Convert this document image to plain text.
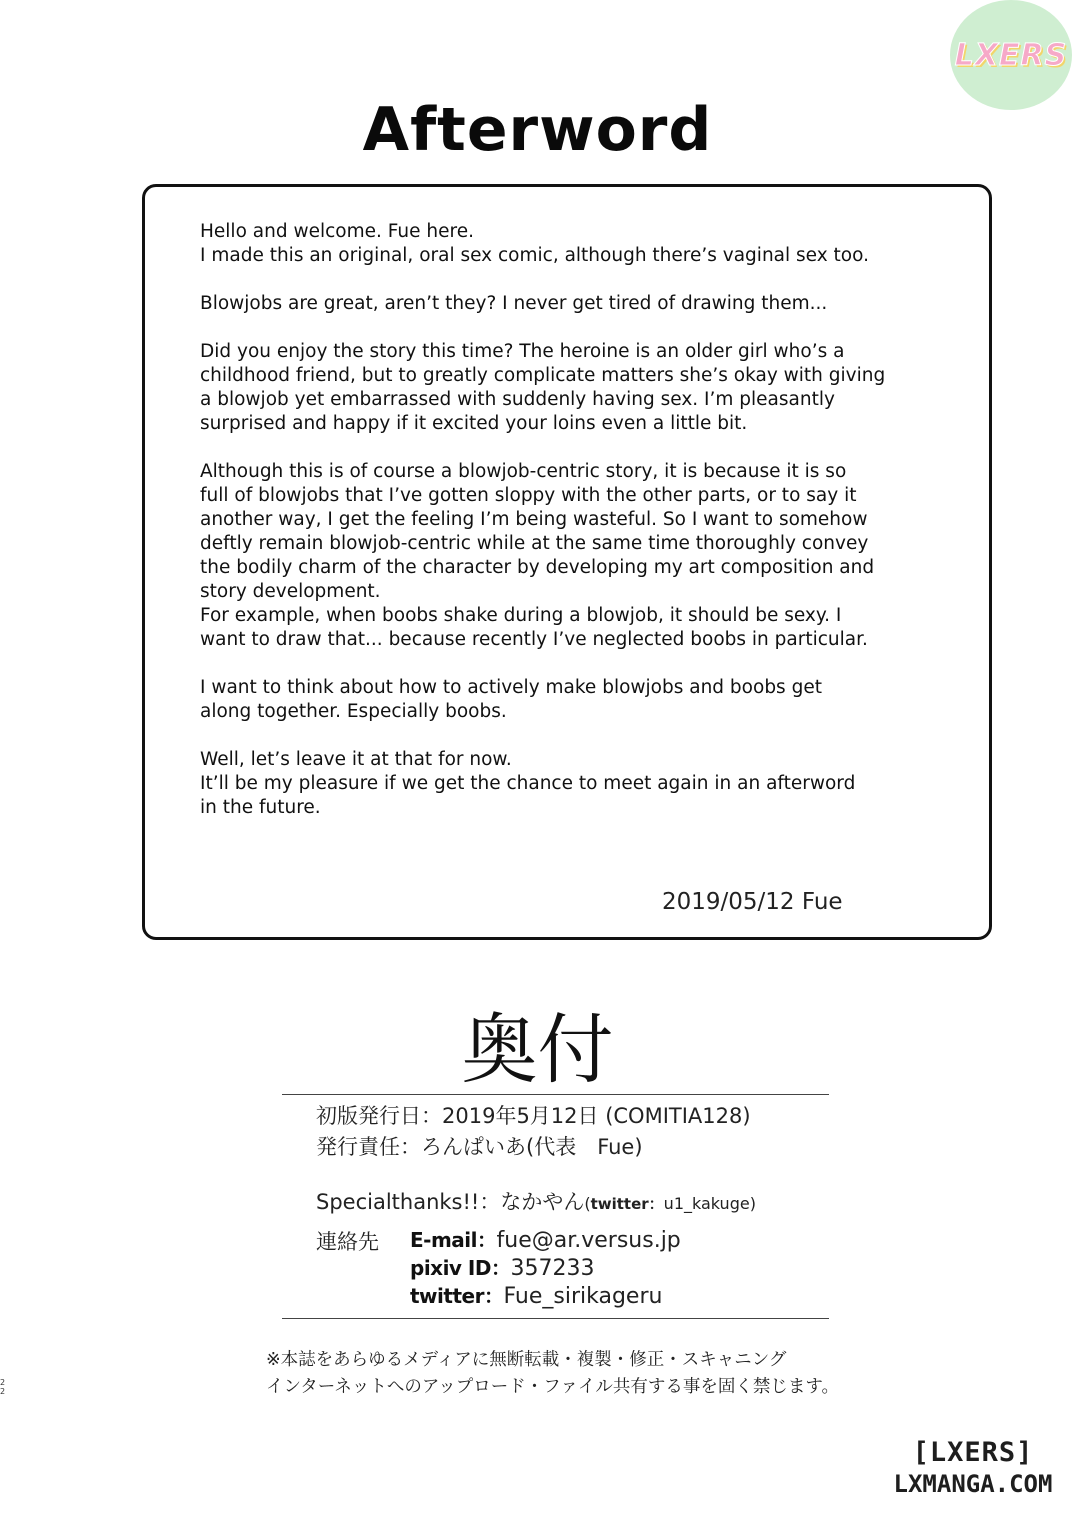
LXERS
Afterword

Hello and welcome. Fue here.
I made this an original, oral sex comic, although there’s vaginal sex too.

Blowjobs are great, aren’t they? I never get tired of drawing them...

Did you enjoy the story this time? The heroine is an older girl who’s a
childhood friend, but to greatly complicate matters she’s okay with giving
a blowjob yet embarrassed with suddenly having sex. I’m pleasantly
surprised and happy if it excited your loins even a little bit.

Although this is of course a blowjob-centric story, it is because it is so
full of blowjobs that I’ve gotten sloppy with the other parts, or to say it
another way, I get the feeling I’m being wasteful. So I want to somehow
deftly remain blowjob-centric while at the same time thoroughly convey
the bodily charm of the character by developing my art composition and
story development.
For example, when boobs shake during a blowjob, it should be sexy. I
want to draw that... because recently I’ve neglected boobs in particular.

I want to think about how to actively make blowjobs and boobs get
along together. Especially boobs.

Well, let’s leave it at that for now.
It’ll be my pleasure if we get the chance to meet again in an afterword
in the future.

2019/05/12 Fue
奥付
初版発行日：2019年5月12日 (COMITIA128)
発行責任：ろんぱいあ(代表　Fue)
Specialthanks!!：なかやん(twitter：u1_kakuge)
連絡先 E-mail：fue@ar.versus.jp
pixiv ID：357233
twitter：Fue_sirikageru
※本誌をあらゆるメディアに無断転載・複製・修正・スキャニング
インターネットへのアップロード・ファイル共有する事を固く禁じます。
2
2
[LXERS]
LXMANGA.COM
